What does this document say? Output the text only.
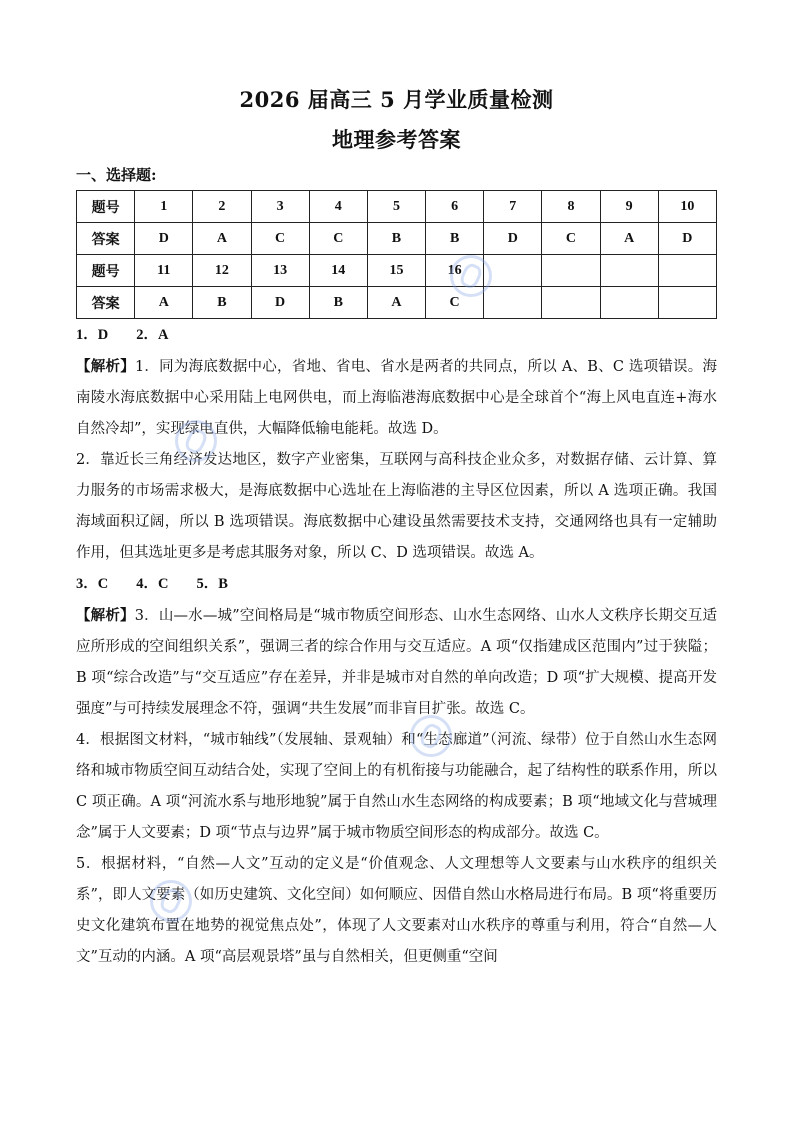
2026 届高三 5 月学业质量检测
地理参考答案
一、选择题:
题号	1	2	3	4	5	6	7	8	9	10
答案	D	A	C	C	B	B	D	C	A	D
题号	11	12	13	14	15	16				
答案	A	B	D	B	A	C				

1．D 2．A

【解析】1．同为海底数据中心，省地、省电、省水是两者的共同点，所以 A、B、C 选项错误。海南陵水海底数据中心采用陆上电网供电，而上海临港海底数据中心是全球首个“海上风电直连+海水自然冷却”，实现绿电直供，大幅降低输电能耗。故选 D。

2．靠近长三角经济发达地区，数字产业密集，互联网与高科技企业众多，对数据存储、云计算、算力服务的市场需求极大，是海底数据中心选址在上海临港的主导区位因素，所以 A 选项正确。我国海域面积辽阔，所以 B 选项错误。海底数据中心建设虽然需要技术支持，交通网络也具有一定辅助作用，但其选址更多是考虑其服务对象，所以 C、D 选项错误。故选 A。

3．C 4．C 5．B

【解析】3．山—水—城”空间格局是“城市物质空间形态、山水生态网络、山水人文秩序长期交互适应所形成的空间组织关系”，强调三者的综合作用与交互适应。A 项“仅指建成区范围内”过于狭隘；B 项“综合改造”与“交互适应”存在差异，并非是城市对自然的单向改造；D 项“扩大规模、提高开发强度”与可持续发展理念不符，强调“共生发展”而非盲目扩张。故选 C。

4．根据图文材料，“城市轴线”（发展轴、景观轴）和“生态廊道”（河流、绿带）位于自然山水生态网络和城市物质空间互动结合处，实现了空间上的有机衔接与功能融合，起了结构性的联系作用，所以 C 项正确。A 项“河流水系与地形地貌”属于自然山水生态网络的构成要素；B 项“地域文化与营城理念”属于人文要素；D 项“节点与边界”属于城市物质空间形态的构成部分。故选 C。

5．根据材料，“自然—人文”互动的定义是“价值观念、人文理想等人文要素与山水秩序的组织关系”，即人文要素（如历史建筑、文化空间）如何顺应、因借自然山水格局进行布局。B 项“将重要历史文化建筑布置在地势的视觉焦点处”，体现了人文要素对山水秩序的尊重与利用，符合“自然—人文”互动的内涵。A 项“高层观景塔”虽与自然相关，但更侧重“空间
